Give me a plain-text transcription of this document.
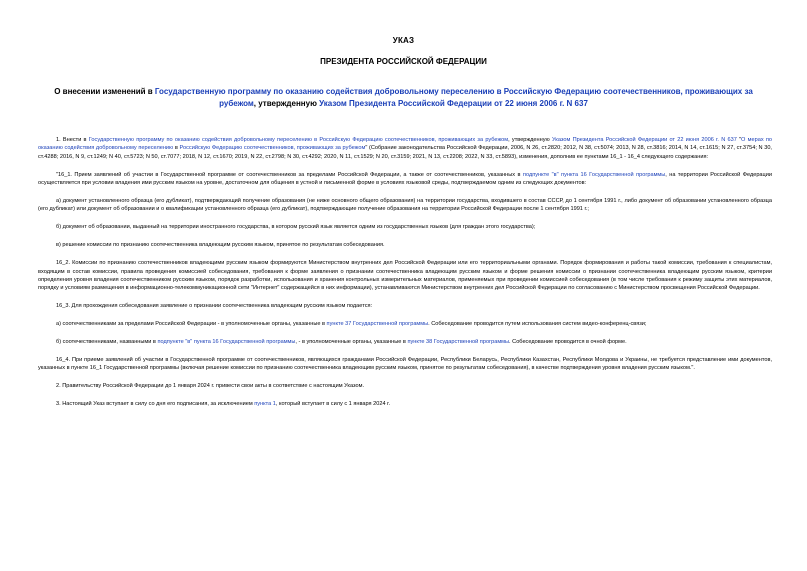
УКАЗ
ПРЕЗИДЕНТА РОССИЙСКОЙ ФЕДЕРАЦИИ
О внесении изменений в Государственную программу по оказанию содействия добровольному переселению в Российскую Федерацию соотечественников, проживающих за рубежом, утвержденную Указом Президента Российской Федерации от 22 июня 2006 г. N 637

1. Внести в Государственную программу по оказанию содействия добровольному переселению в Российскую Федерацию соотечественников, проживающих за рубежом, утвержденную Указом Президента Российской Федерации от 22 июня 2006 г. N 637 "О мерах по оказанию содействия добровольному переселению в Российскую Федерацию соотечественников, проживающих за рубежом" (Собрание законодательства Российской Федерации, 2006, N 26, ст.2820; 2012, N 38, ст.5074; 2013, N 28, ст.3816; 2014, N 14, ст.1615; N 27, ст.3754; N 30, ст.4288; 2016, N 9, ст.1249; N 40, ст.5723; N 50, ст.7077; 2018, N 12, ст.1670; 2019, N 22, ст.2798; N 30, ст.4292; 2020, N 11, ст.1529; N 20, ст.3159; 2021, N 13, ст.2208; 2022, N 33, ст.5893), изменения, дополнив ее пунктами 16_1 - 16_4 следующего содержания:

"16_1. Прием заявлений об участии в Государственной программе от соотечественников за пределами Российской Федерации, а также от соотечественников, указанных в подпункте "в" пункта 16 Государственной программы, на территории Российской Федерации осуществляется при условии владения ими русским языком на уровне, достаточном для общения в устной и письменной форме в условиях языковой среды, подтверждаемом одним из следующих документов:

а) документ установленного образца (его дубликат), подтверждающий получение образования (не ниже основного общего образования) на территории государства, входившего в состав СССР, до 1 сентября 1991 г., либо документ об образовании установленного образца (его дубликат) или документ об образовании и о квалификации установленного образца (его дубликат), подтверждающие получение образования на территории Российской Федерации после 1 сентября 1991 г.;

б) документ об образовании, выданный на территории иностранного государства, в котором русский язык является одним из государственных языков (для граждан этого государства);

в) решение комиссии по признанию соотечественника владеющим русским языком, принятое по результатам собеседования.

16_2. Комиссии по признанию соотечественников владеющими русским языком формируются Министерством внутренних дел Российской Федерации или его территориальными органами. Порядок формирования и работы такой комиссии, требования к специалистам, входящим в состав комиссии, правила проведения комиссией собеседования, требования к форме заявления о признании соотечественника владеющим русским языком и форме решения комиссии о признании соотечественника владеющим русским языком, критерии определения уровня владения соотечественником русским языком, порядок разработки, использования и хранения контрольных измерительных материалов, применяемых при проведении комиссией собеседования (в том числе требования к режиму защиты этих материалов, порядку и условиям размещения в информационно-телекоммуникационной сети "Интернет" содержащейся в них информации), устанавливаются Министерством внутренних дел Российской Федерации по согласованию с Министерством просвещения Российской Федерации.

16_3. Для прохождения собеседования заявление о признании соотечественника владеющим русским языком подается:

а) соотечественниками за пределами Российской Федерации - в уполномоченные органы, указанные в пункте 37 Государственной программы. Собеседование проводится путем использования систем видео-конференц-связи;

б) соотечественниками, названными в подпункте "в" пункта 16 Государственной программы, - в уполномоченные органы, указанные в пункте 38 Государственной программы. Собеседование проводится в очной форме.

16_4. При приеме заявлений об участии в Государственной программе от соотечественников, являющихся гражданами Российской Федерации, Республики Беларусь, Республики Казахстан, Республики Молдова и Украины, не требуется представление ими документов, указанных в пункте 16_1 Государственной программы (включая решение комиссии по признанию соотечественника владеющим русским языком, принятое по результатам собеседования), в качестве подтверждения уровня владения русским языком.".

2. Правительству Российской Федерации до 1 января 2024 г. привести свои акты в соответствие с настоящим Указом.

3. Настоящий Указ вступает в силу со дня его подписания, за исключением пункта 1, который вступает в силу с 1 января 2024 г.
